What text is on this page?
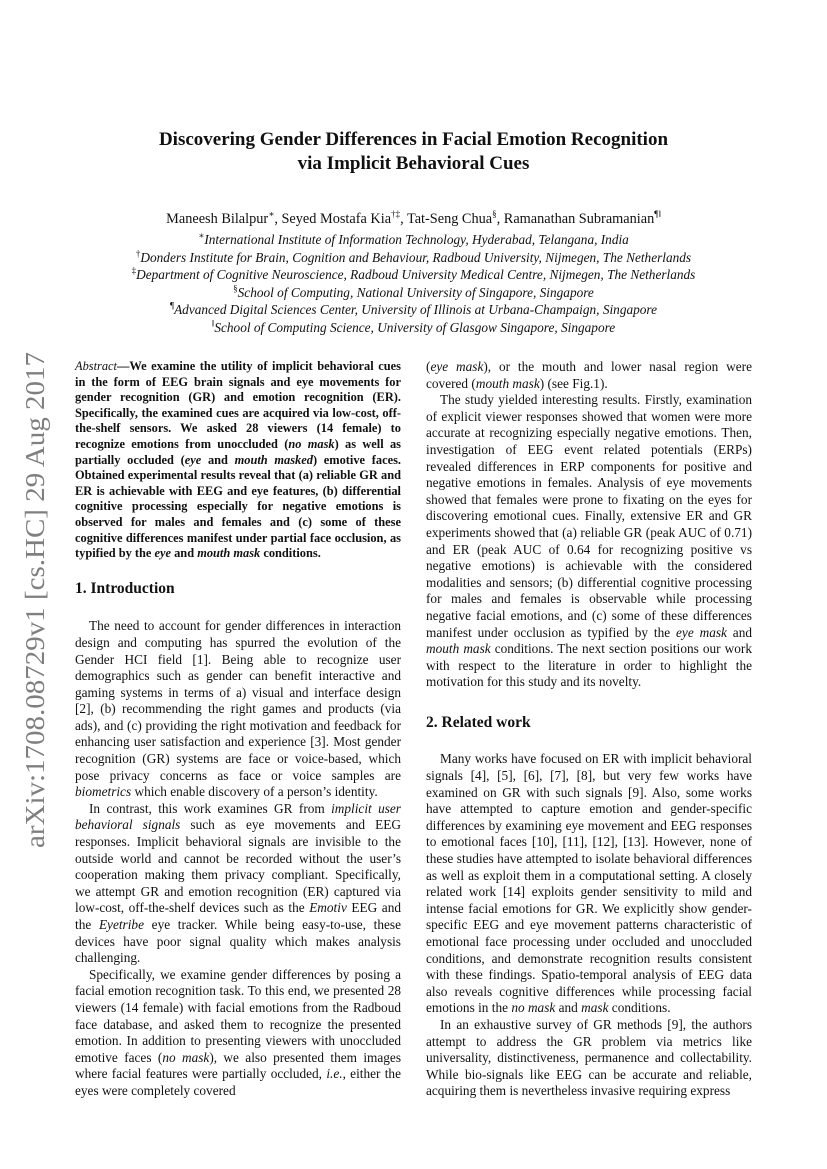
arXiv:1708.08729v1 [cs.HC] 29 Aug 2017
Discovering Gender Differences in Facial Emotion Recognition
via Implicit Behavioral Cues
Maneesh Bilalpur∗, Seyed Mostafa Kia†‡, Tat-Seng Chua§, Ramanathan Subramanian¶‖
∗International Institute of Information Technology, Hyderabad, Telangana, India
†Donders Institute for Brain, Cognition and Behaviour, Radboud University, Nijmegen, The Netherlands
‡Department of Cognitive Neuroscience, Radboud University Medical Centre, Nijmegen, The Netherlands
§School of Computing, National University of Singapore, Singapore
¶Advanced Digital Sciences Center, University of Illinois at Urbana-Champaign, Singapore
‖School of Computing Science, University of Glasgow Singapore, Singapore

Abstract—We examine the utility of implicit behavioral cues in the form of EEG brain signals and eye movements for gender recognition (GR) and emotion recognition (ER). Specifically, the examined cues are acquired via low-cost, off-the-shelf sensors. We asked 28 viewers (14 female) to recognize emotions from unoccluded (no mask) as well as partially occluded (eye and mouth masked) emotive faces. Obtained experimental results reveal that (a) reliable GR and ER is achievable with EEG and eye features, (b) differential cognitive processing especially for negative emotions is observed for males and females and (c) some of these cognitive differences manifest under partial face occlusion, as typified by the eye and mouth mask conditions.

1. Introduction

The need to account for gender differences in interaction design and computing has spurred the evolution of the Gender HCI field [1]. Being able to recognize user demographics such as gender can benefit interactive and gaming systems in terms of a) visual and interface design [2], (b) recommending the right games and products (via ads), and (c) providing the right motivation and feedback for enhancing user satisfaction and experience [3]. Most gender recognition (GR) systems are face or voice-based, which pose privacy concerns as face or voice samples are biometrics which enable discovery of a person’s identity.

In contrast, this work examines GR from implicit user behavioral signals such as eye movements and EEG responses. Implicit behavioral signals are invisible to the outside world and cannot be recorded without the user’s cooperation making them privacy compliant. Specifically, we attempt GR and emotion recognition (ER) captured via low-cost, off-the-shelf devices such as the Emotiv EEG and the Eyetribe eye tracker. While being easy-to-use, these devices have poor signal quality which makes analysis challenging.

Specifically, we examine gender differences by posing a facial emotion recognition task. To this end, we presented 28 viewers (14 female) with facial emotions from the Radboud face database, and asked them to recognize the presented emotion. In addition to presenting viewers with unoccluded emotive faces (no mask), we also presented them images where facial features were partially occluded, i.e., either the eyes were completely covered

(eye mask), or the mouth and lower nasal region were covered (mouth mask) (see Fig.1).

The study yielded interesting results. Firstly, examination of explicit viewer responses showed that women were more accurate at recognizing especially negative emotions. Then, investigation of EEG event related potentials (ERPs) revealed differences in ERP components for positive and negative emotions in females. Analysis of eye movements showed that females were prone to fixating on the eyes for discovering emotional cues. Finally, extensive ER and GR experiments showed that (a) reliable GR (peak AUC of 0.71) and ER (peak AUC of 0.64 for recognizing positive vs negative emotions) is achievable with the considered modalities and sensors; (b) differential cognitive processing for males and females is observable while processing negative facial emotions, and (c) some of these differences manifest under occlusion as typified by the eye mask and mouth mask conditions. The next section positions our work with respect to the literature in order to highlight the motivation for this study and its novelty.

2. Related work

Many works have focused on ER with implicit behavioral signals [4], [5], [6], [7], [8], but very few works have examined on GR with such signals [9]. Also, some works have attempted to capture emotion and gender-specific differences by examining eye movement and EEG responses to emotional faces [10], [11], [12], [13]. However, none of these studies have attempted to isolate behavioral differences as well as exploit them in a computational setting. A closely related work [14] exploits gender sensitivity to mild and intense facial emotions for GR. We explicitly show gender-specific EEG and eye movement patterns characteristic of emotional face processing under occluded and unoccluded conditions, and demonstrate recognition results consistent with these findings. Spatio-temporal analysis of EEG data also reveals cognitive differences while processing facial emotions in the no mask and mask conditions.

In an exhaustive survey of GR methods [9], the authors attempt to address the GR problem via metrics like universality, distinctiveness, permanence and collectability. While bio-signals like EEG can be accurate and reliable, acquiring them is nevertheless invasive requiring express
